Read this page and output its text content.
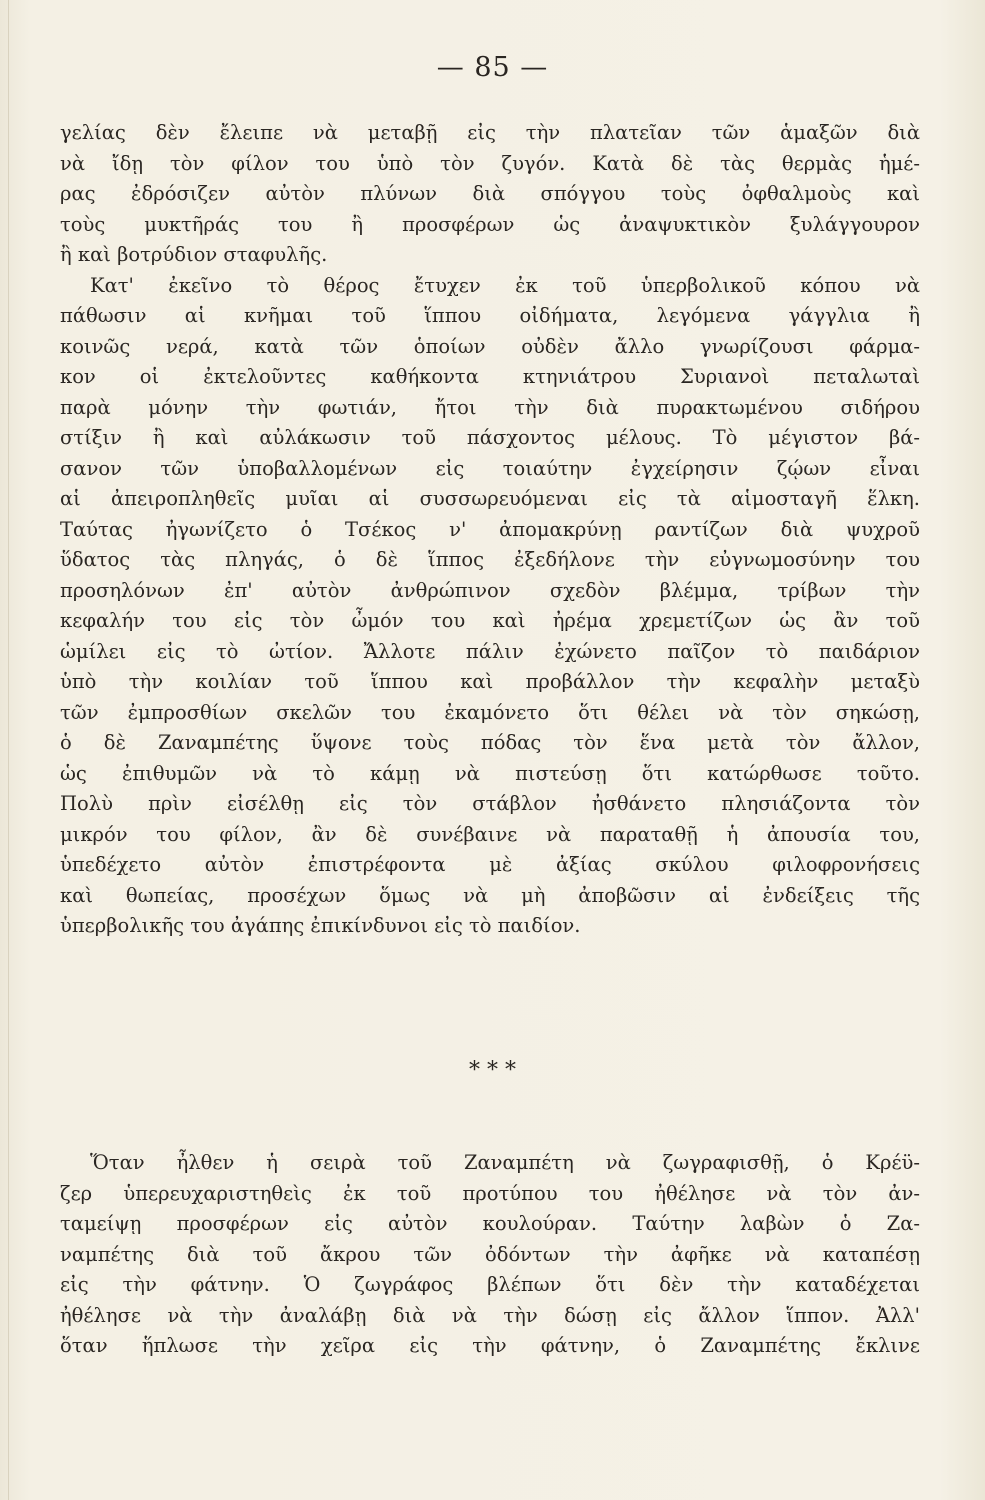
— 85 —
γελίας δὲν ἔλειπε νὰ μεταβῇ εἰς τὴν πλατεῖαν τῶν ἁμαξῶν διὰ
νὰ ἴδῃ τὸν φίλον του ὑπὸ τὸν ζυγόν. Κατὰ δὲ τὰς θερμὰς ἡμέ-
ρας ἐδρόσιζεν αὐτὸν πλύνων διὰ σπόγγου τοὺς ὀφθαλμοὺς καὶ
τοὺς μυκτῆράς του ἢ προσφέρων ὡς ἀναψυκτικὸν ξυλάγγουρον
ἢ καὶ βοτρύδιον σταφυλῆς.
Κατ' ἐκεῖνο τὸ θέρος ἔτυχεν ἐκ τοῦ ὑπερβολικοῦ κόπου νὰ
πάθωσιν αἱ κνῆμαι τοῦ ἵππου οἰδήματα, λεγόμενα γάγγλια ἢ
κοινῶς νερά, κατὰ τῶν ὁποίων οὐδὲν ἄλλο γνωρίζουσι φάρμα-
κον οἱ ἐκτελοῦντες καθήκοντα κτηνιάτρου Συριανοὶ πεταλωταὶ
παρὰ μόνην τὴν φωτιάν, ἤτοι τὴν διὰ πυρακτωμένου σιδήρου
στίξιν ἢ καὶ αὐλάκωσιν τοῦ πάσχοντος μέλους. Τὸ μέγιστον βά-
σανον τῶν ὑποβαλλομένων εἰς τοιαύτην ἐγχείρησιν ζῴων εἶναι
αἱ ἀπειροπληθεῖς μυῖαι αἱ συσσωρευόμεναι εἰς τὰ αἱμοσταγῆ ἕλκη.
Ταύτας ἠγωνίζετο ὁ Τσέκος ν' ἀπομακρύνῃ ραντίζων διὰ ψυχροῦ
ὕδατος τὰς πληγάς, ὁ δὲ ἵππος ἐξεδήλονε τὴν εὐγνωμοσύνην του
προσηλόνων ἐπ' αὐτὸν ἀνθρώπινον σχεδὸν βλέμμα, τρίβων τὴν
κεφαλήν του εἰς τὸν ὦμόν του καὶ ἠρέμα χρεμετίζων ὡς ἂν τοῦ
ὡμίλει εἰς τὸ ὠτίον. Ἄλλοτε πάλιν ἐχώνετο παῖζον τὸ παιδάριον
ὑπὸ τὴν κοιλίαν τοῦ ἵππου καὶ προβάλλον τὴν κεφαλὴν μεταξὺ
τῶν ἐμπροσθίων σκελῶν του ἐκαμόνετο ὅτι θέλει νὰ τὸν σηκώσῃ,
ὁ δὲ Ζαναμπέτης ὕψονε τοὺς πόδας τὸν ἕνα μετὰ τὸν ἄλλον,
ὡς ἐπιθυμῶν νὰ τὸ κάμῃ νὰ πιστεύσῃ ὅτι κατώρθωσε τοῦτο.
Πολὺ πρὶν εἰσέλθῃ εἰς τὸν στάβλον ἠσθάνετο πλησιάζοντα τὸν
μικρόν του φίλον, ἂν δὲ συνέβαινε νὰ παραταθῇ ἡ ἀπουσία του,
ὑπεδέχετο αὐτὸν ἐπιστρέφοντα μὲ ἀξίας σκύλου φιλοφρονήσεις
καὶ θωπείας, προσέχων ὅμως νὰ μὴ ἀποβῶσιν αἱ ἐνδείξεις τῆς
ὑπερβολικῆς του ἀγάπης ἐπικίνδυνοι εἰς τὸ παιδίον.
* * *
Ὅταν ἦλθεν ἡ σειρὰ τοῦ Ζαναμπέτη νὰ ζωγραφισθῇ, ὁ Κρέϋ-
ζερ ὑπερευχαριστηθεὶς ἐκ τοῦ προτύπου του ἠθέλησε νὰ τὸν ἀν-
ταμείψῃ προσφέρων εἰς αὐτὸν κουλούραν. Ταύτην λαβὼν ὁ Ζα-
ναμπέτης διὰ τοῦ ἄκρου τῶν ὀδόντων τὴν ἀφῆκε νὰ καταπέσῃ
εἰς τὴν φάτνην. Ὁ ζωγράφος βλέπων ὅτι δὲν τὴν καταδέχεται
ἠθέλησε νὰ τὴν ἀναλάβῃ διὰ νὰ τὴν δώσῃ εἰς ἄλλον ἵππον. Ἀλλ'
ὅταν ἥπλωσε τὴν χεῖρα εἰς τὴν φάτνην, ὁ Ζαναμπέτης ἔκλινε
